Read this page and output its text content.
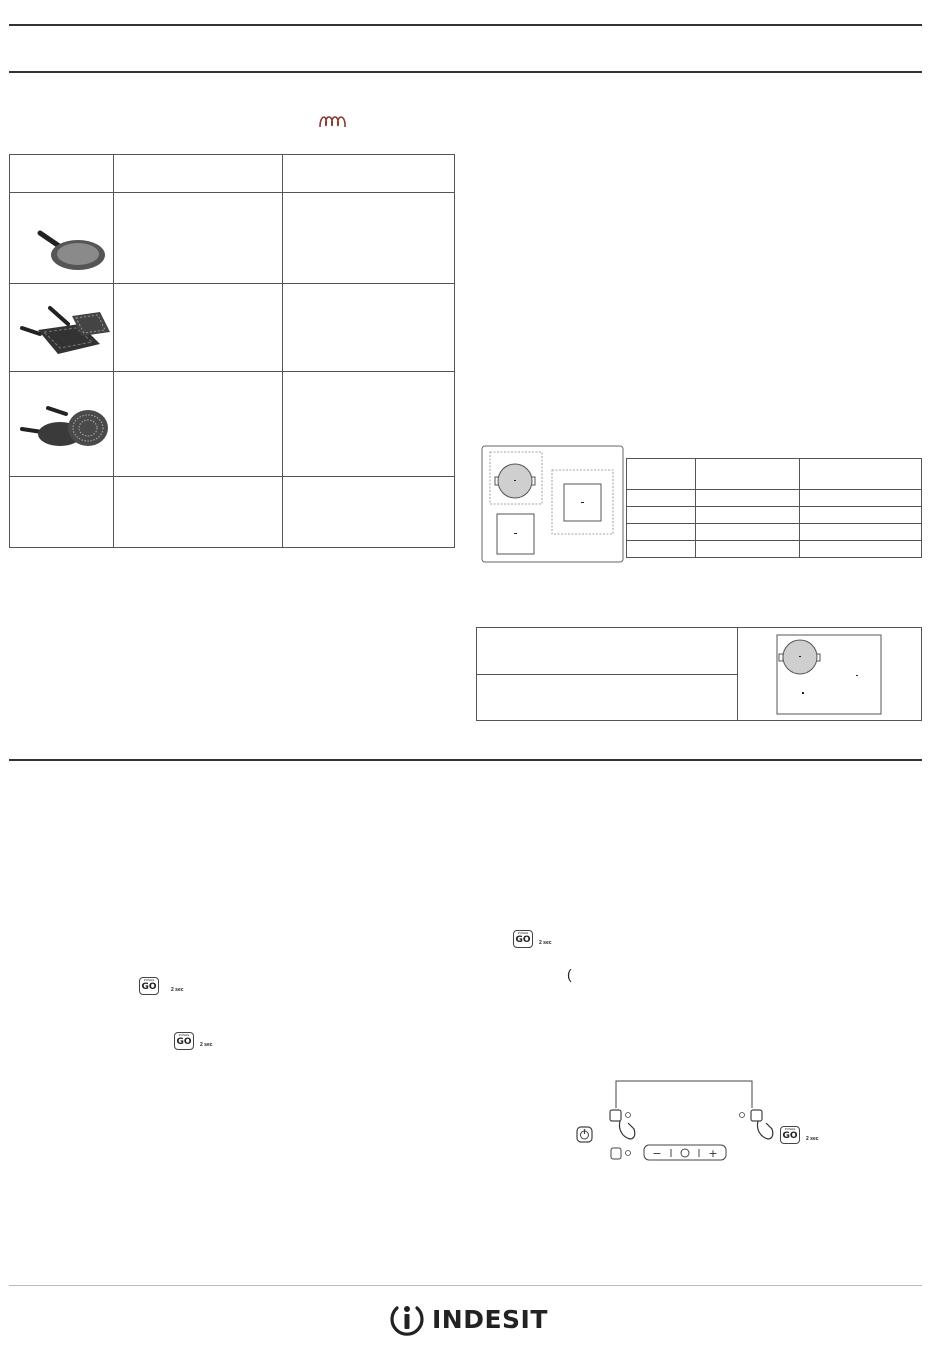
PUSH&
GO	2 sec
PUSH&
GO 2 sec
PUSH&
GO 2 sec
(
−	+
PUSH&
GO 2 sec
INDESIT
